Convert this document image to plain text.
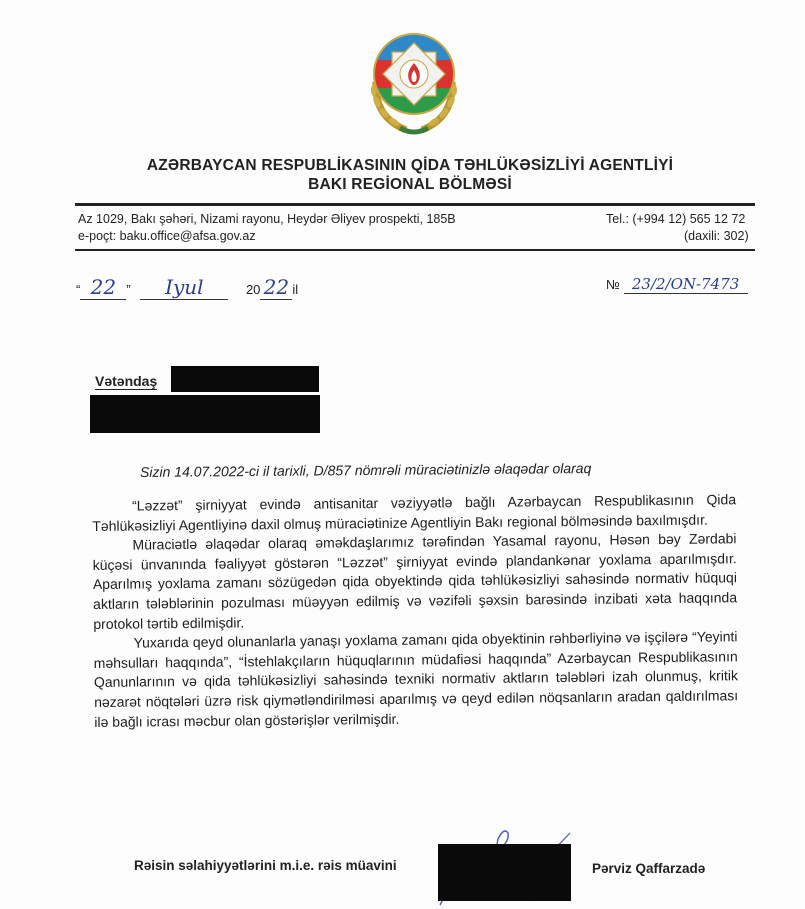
AZƏRBAYCAN RESPUBLİKASININ QİDA TƏHLÜKƏSİZLİYİ AGENTLİYİ
BAKI REGİONAL BÖLMƏSİ
Az 1029, Bakı şəhəri, Nizami rayonu, Heydər Əliyev prospekti, 185B
e-poçt: baku.office@afsa.gov.az
Tel.: (+994 12) 565 12 72
(daxili: 302)
“ 22 ” Iyul	20 22 il	№ 23/2/ON-7473
Vətəndaş
Sizin 14.07.2022-ci il tarixli, D/857 nömrəli müraciətinizlə əlaqədar olaraq

“Ləzzət” şirniyyat evində antisanitar vəziyyətlə bağlı Azərbaycan Respublikasının Qida Təhlükəsizliyi Agentliyinə daxil olmuş müraciətinize Agentliyin Bakı regional bölməsində baxılmışdır.

Müraciətlə əlaqədar olaraq əməkdaşlarımız tərəfindən Yasamal rayonu, Həsən bəy Zərdabi küçəsi ünvanında fəaliyyət göstərən “Ləzzət” şirniyyat evində plandankənar yoxlama aparılmışdır. Aparılmış yoxlama zamanı sözügedən qida obyektində qida təhlükəsizliyi sahəsində normativ hüquqi aktların tələblərinin pozulması müəyyən edilmiş və vəzifəli şəxsin barəsində inzibati xəta haqqında protokol tərtib edilmişdir.

Yuxarıda qeyd olunanlarla yanaşı yoxlama zamanı qida obyektinin rəhbərliyinə və işçilərə “Yeyinti məhsulları haqqında”, “İstehlakçıların hüquqlarının müdafiəsi haqqında” Azərbaycan Respublikasının Qanunlarının və qida təhlükəsizliyi sahəsində texniki normativ aktların tələbləri izah olunmuş, kritik nəzarət nöqtələri üzrə risk qiymətləndirilməsi aparılmış və qeyd edilən nöqsanların aradan qaldırılması ilə bağlı icrası məcbur olan göstərişlər verilmişdir.

Rəisin səlahiyyətlərini m.i.e. rəis müavini	Pərviz Qaffarzadə
